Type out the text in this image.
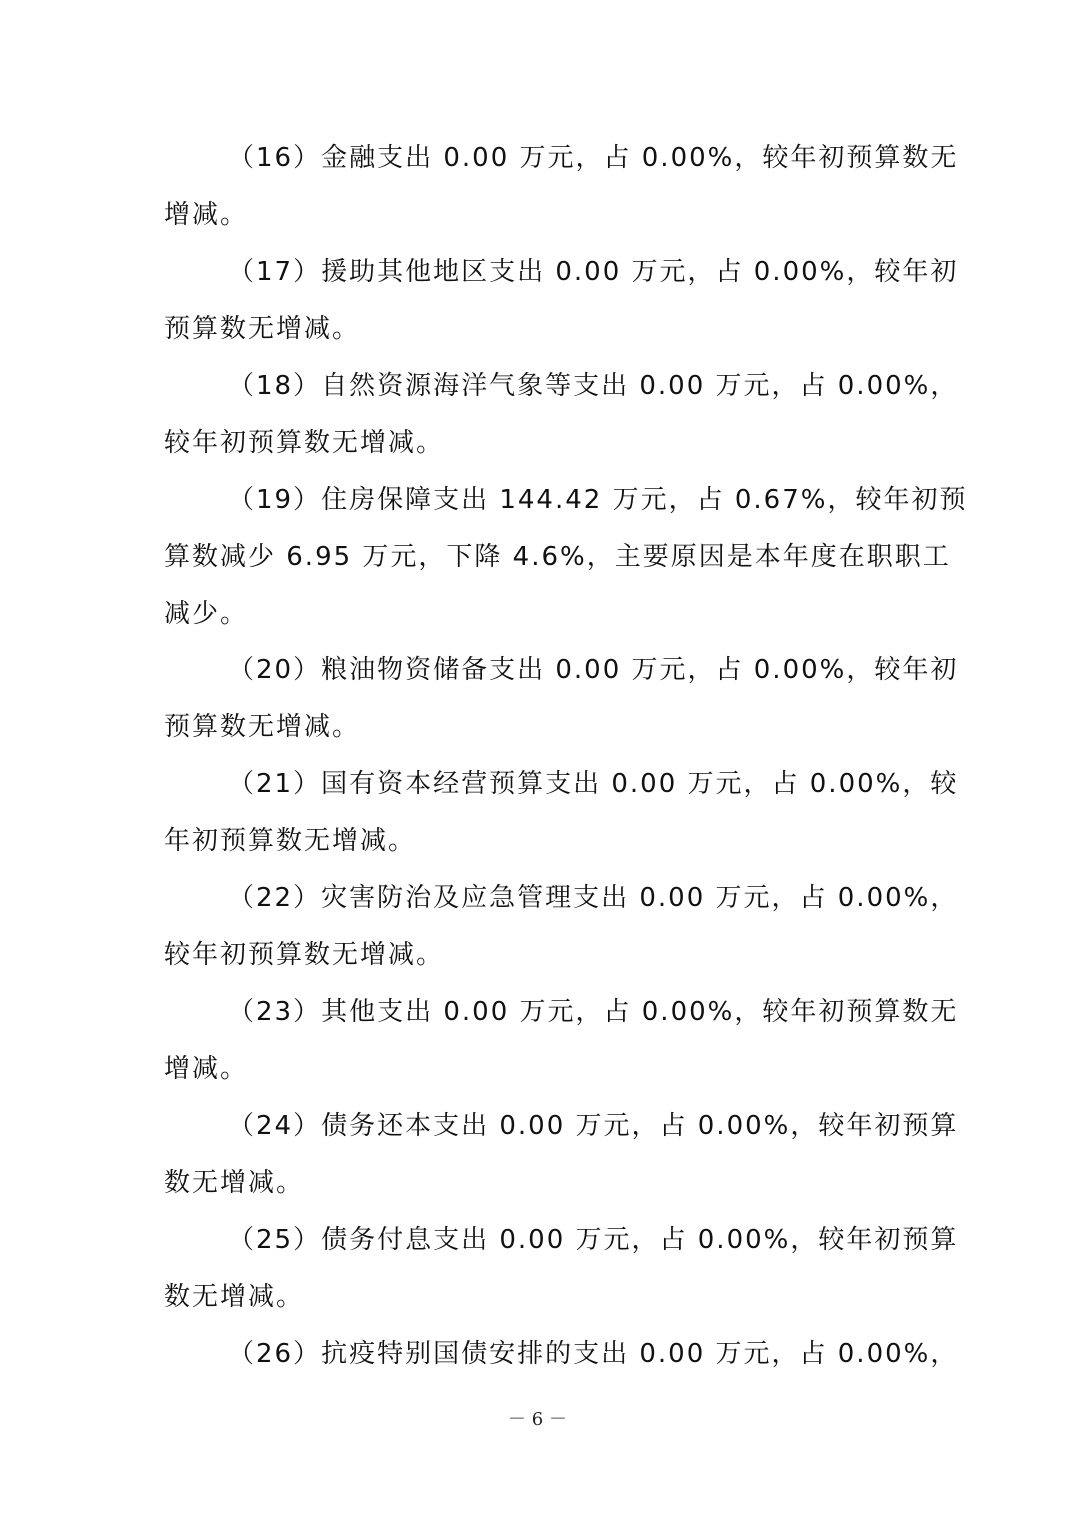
（16）金融支出 0.00 万元，占 0.00%，较年初预算数无
增减。
（17）援助其他地区支出 0.00 万元，占 0.00%，较年初
预算数无增减。
（18）自然资源海洋气象等支出 0.00 万元，占 0.00%，
较年初预算数无增减。
（19）住房保障支出 144.42 万元，占 0.67%，较年初预
算数减少 6.95 万元，下降 4.6%，主要原因是本年度在职职工
减少。
（20）粮油物资储备支出 0.00 万元，占 0.00%，较年初
预算数无增减。
（21）国有资本经营预算支出 0.00 万元，占 0.00%，较
年初预算数无增减。
（22）灾害防治及应急管理支出 0.00 万元，占 0.00%，
较年初预算数无增减。
（23）其他支出 0.00 万元，占 0.00%，较年初预算数无
增减。
（24）债务还本支出 0.00 万元，占 0.00%，较年初预算
数无增减。
（25）债务付息支出 0.00 万元，占 0.00%，较年初预算
数无增减。
（26）抗疫特别国债安排的支出 0.00 万元，占 0.00%，
－ 6 －
